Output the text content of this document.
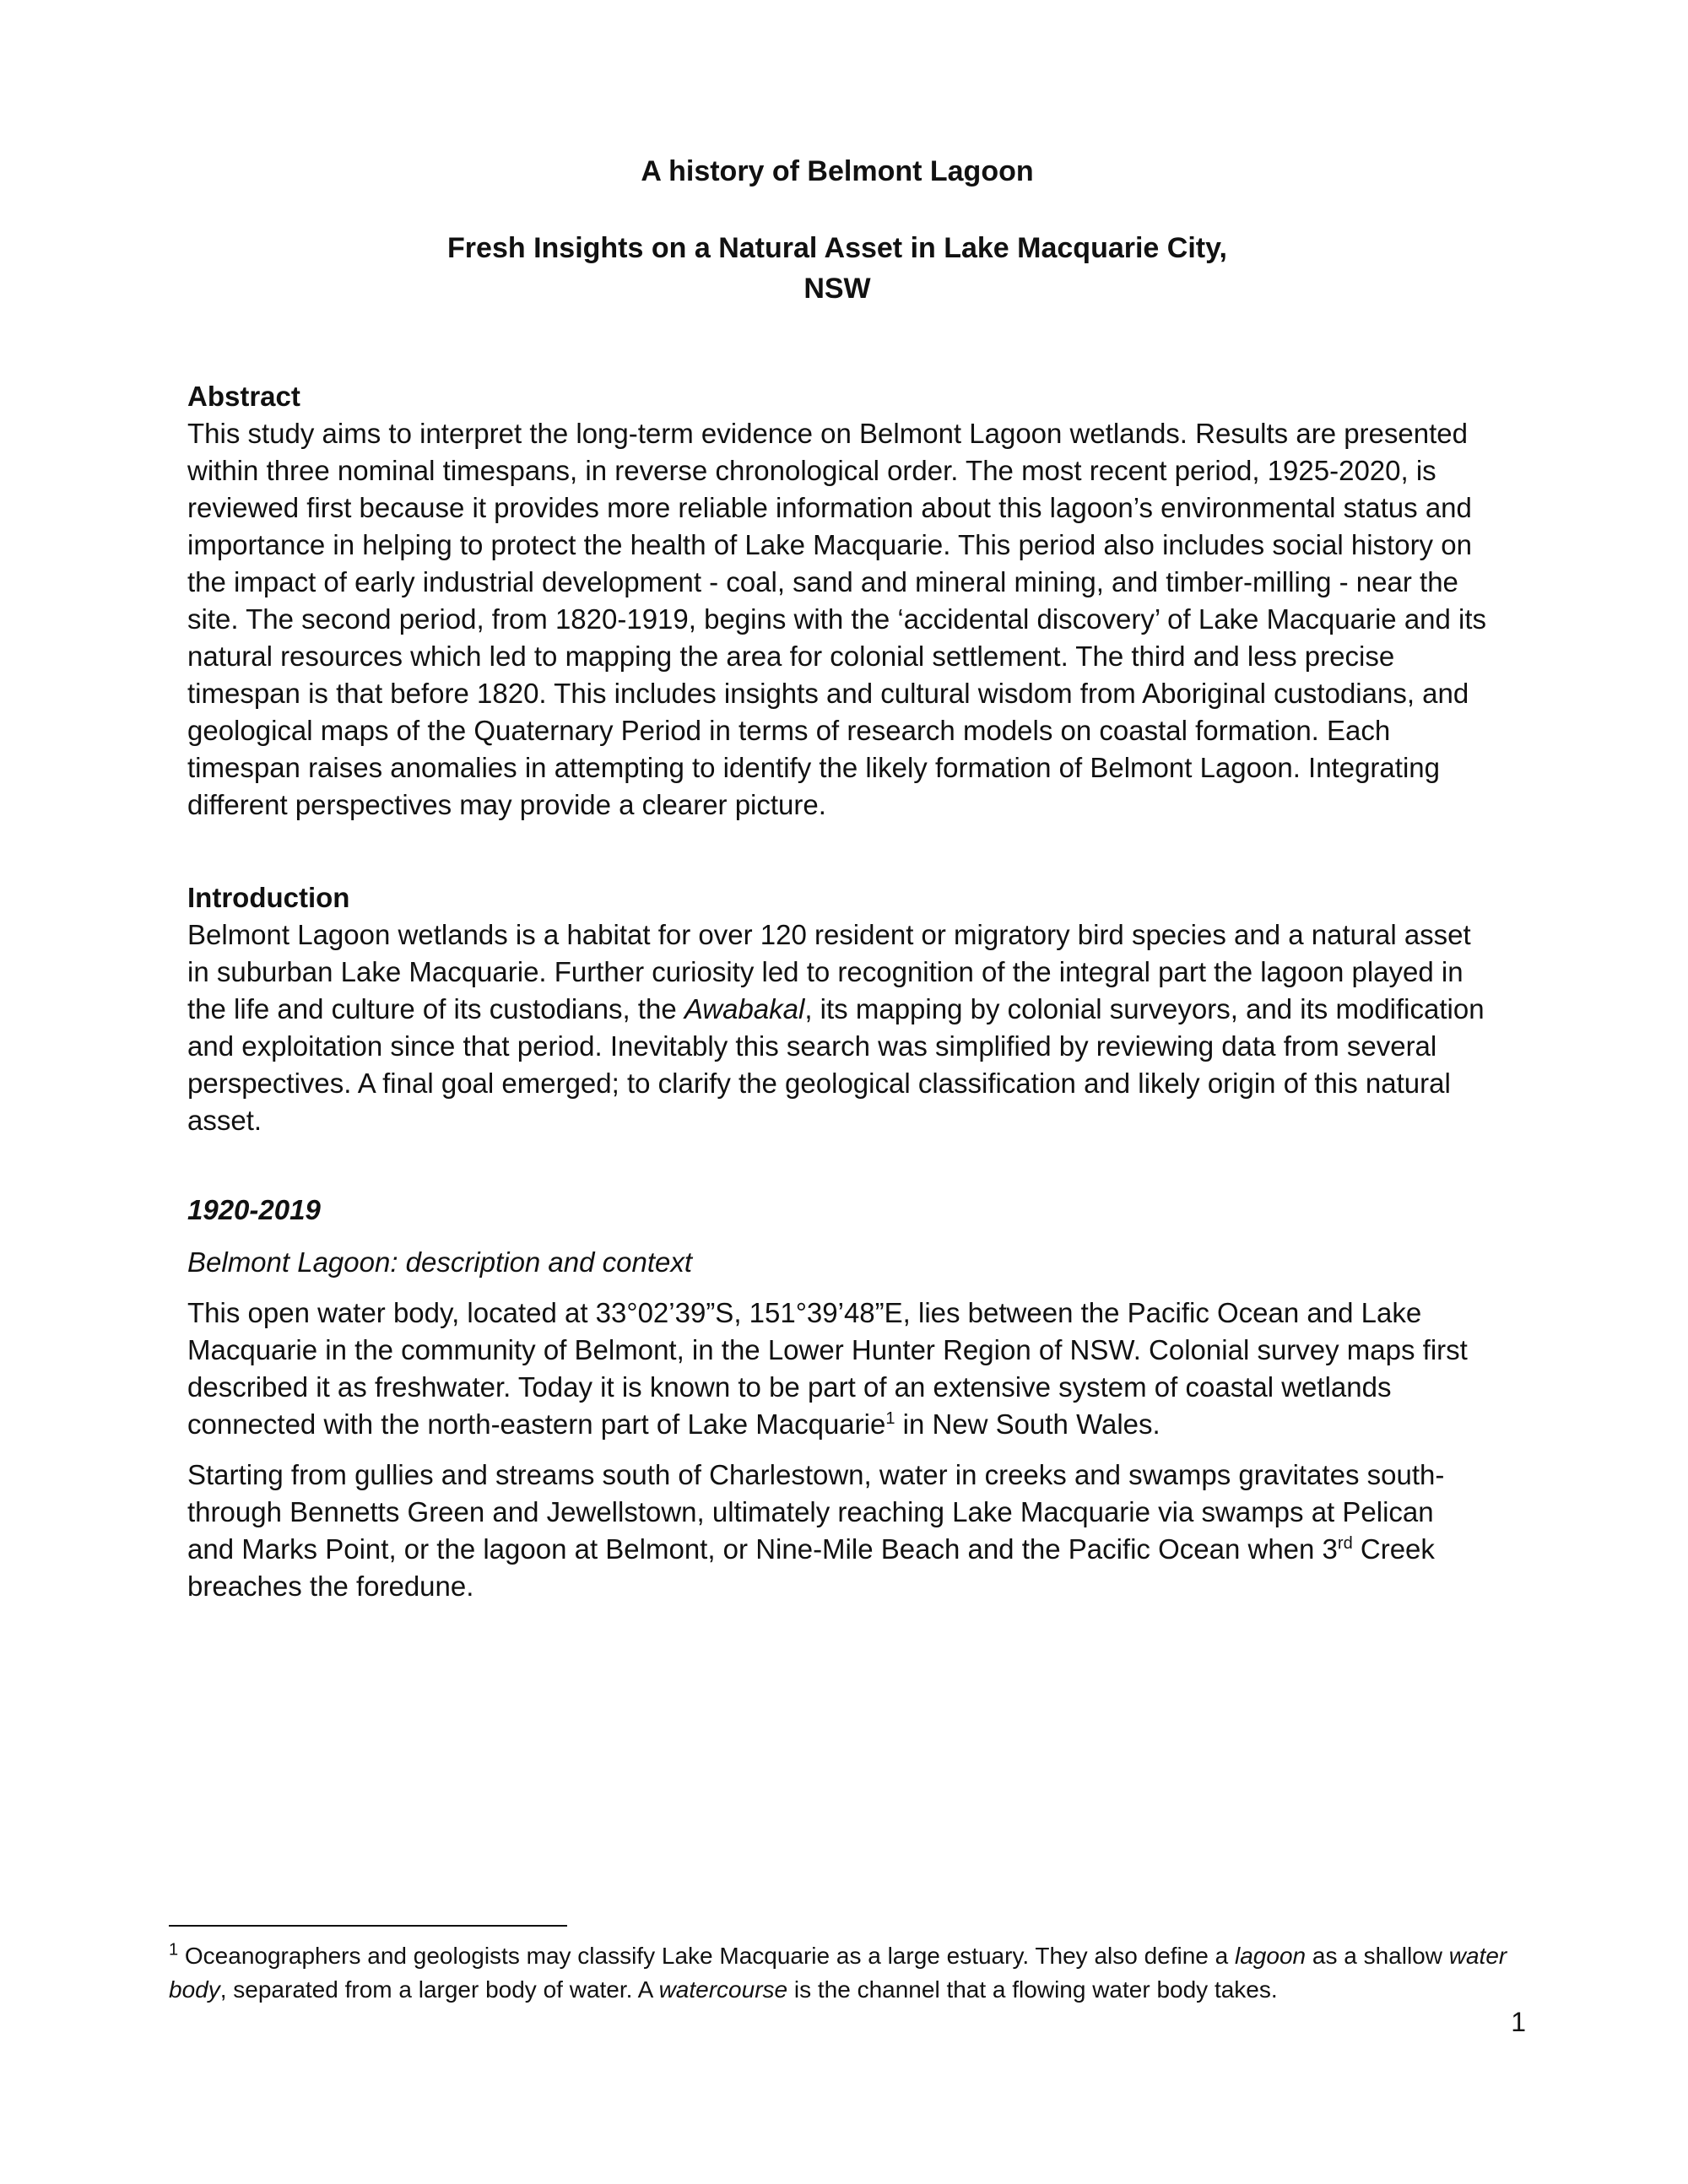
A history of Belmont Lagoon
Fresh Insights on a Natural Asset in Lake Macquarie City,
NSW
Abstract

This study aims to interpret the long-term evidence on Belmont Lagoon wetlands. Results are presented within three nominal timespans, in reverse chronological order. The most recent period, 1925-2020, is reviewed first because it provides more reliable information about this lagoon’s environmental status and importance in helping to protect the health of Lake Macquarie. This period also includes social history on the impact of early industrial development - coal, sand and mineral mining, and timber-milling - near the site. The second period, from 1820-1919, begins with the ‘accidental discovery’ of Lake Macquarie and its natural resources which led to mapping the area for colonial settlement. The third and less precise timespan is that before 1820. This includes insights and cultural wisdom from Aboriginal custodians, and geological maps of the Quaternary Period in terms of research models on coastal formation. Each timespan raises anomalies in attempting to identify the likely formation of Belmont Lagoon. Integrating different perspectives may provide a clearer picture.

Introduction

Belmont Lagoon wetlands is a habitat for over 120 resident or migratory bird species and a natural asset in suburban Lake Macquarie. Further curiosity led to recognition of the integral part the lagoon played in the life and culture of its custodians, the Awabakal, its mapping by colonial surveyors, and its modification and exploitation since that period. Inevitably this search was simplified by reviewing data from several perspectives. A final goal emerged; to clarify the geological classification and likely origin of this natural asset.

1920-2019
Belmont Lagoon: description and context

This open water body, located at 33°02’39”S, 151°39’48”E, lies between the Pacific Ocean and Lake Macquarie in the community of Belmont, in the Lower Hunter Region of NSW. Colonial survey maps first described it as freshwater. Today it is known to be part of an extensive system of coastal wetlands connected with the north-eastern part of Lake Macquarie$^1$ in New South Wales.

Starting from gullies and streams south of Charlestown, water in creeks and swamps gravitates south-through Bennetts Green and Jewellstown, ultimately reaching Lake Macquarie via swamps at Pelican and Marks Point, or the lagoon at Belmont, or Nine-Mile Beach and the Pacific Ocean when 3rd Creek breaches the foredune.

$^1$ Oceanographers and geologists may classify Lake Macquarie as a large estuary. They also define a lagoon as a shallow water body, separated from a larger body of water. A watercourse is the channel that a flowing water body takes.
1
